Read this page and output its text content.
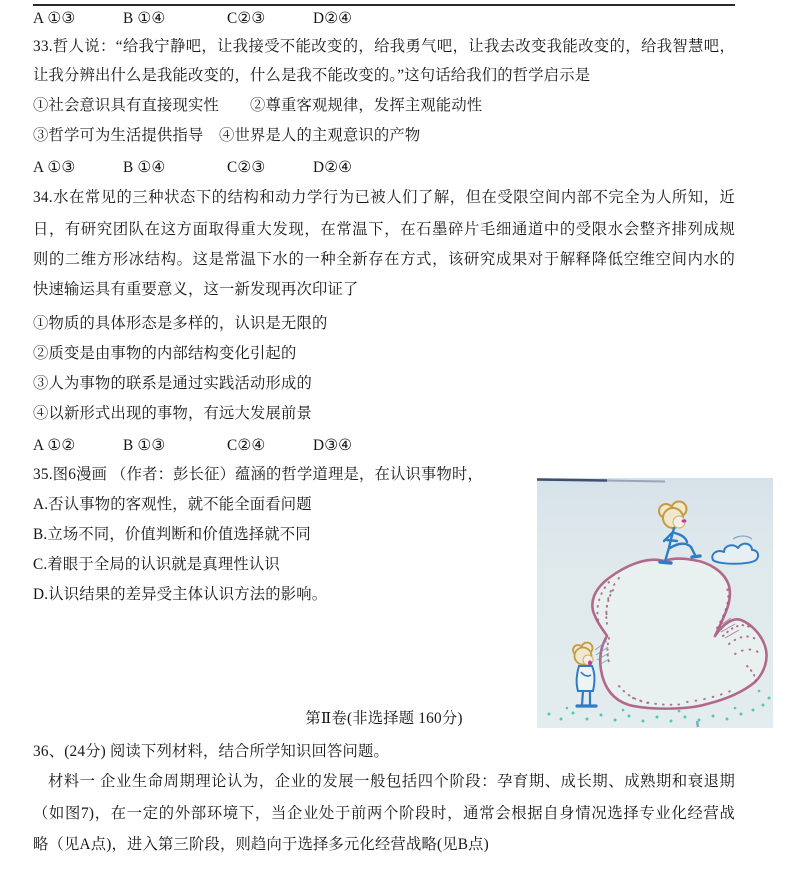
A ①③	B ①④	C②③	D②④
33.哲人说：“给我宁静吧，让我接受不能改变的，给我勇气吧，让我去改变我能改变的，给我智慧吧，
让我分辨出什么是我能改变的，什么是我不能改变的。”这句话给我们的哲学启示是
①社会意识具有直接现实性　　②尊重客观规律，发挥主观能动性
③哲学可为生活提供指导　④世界是人的主观意识的产物
A ①③	B ①④	C②③	D②④
34.水在常见的三种状态下的结构和动力学行为已被人们了解，但在受限空间内部不完全为人所知，近
日，有研究团队在这方面取得重大发现，在常温下，在石墨碎片毛细通道中的受限水会整齐排列成规
则的二维方形冰结构。这是常温下水的一种全新存在方式，该研究成果对于解释降低空维空间内水的
快速输运具有重要意义，这一新发现再次印证了
①物质的具体形态是多样的，认识是无限的
②质变是由事物的内部结构变化引起的
③人为事物的联系是通过实践活动形成的
④以新形式出现的事物，有远大发展前景
A ①②	B ①③	C②④	D③④
35.图6漫画 （作者：彭长征）蕴涵的哲学道理是，在认识事物时，
A.否认事物的客观性，就不能全面看问题
B.立场不同，价值判断和价值选择就不同
C.着眼于全局的认识就是真理性认识
D.认识结果的差异受主体认识方法的影响。
第Ⅱ卷(非选择题 160分)
36、(24分) 阅读下列材料，结合所学知识回答问题。
材料一 企业生命周期理论认为，企业的发展一般包括四个阶段：孕育期、成长期、成熟期和衰退期
（如图7)，在一定的外部环境下，当企业处于前两个阶段时，通常会根据自身情况选择专业化经营战
略（见A点)，进入第三阶段，则趋向于选择多元化经营战略(见B点)
